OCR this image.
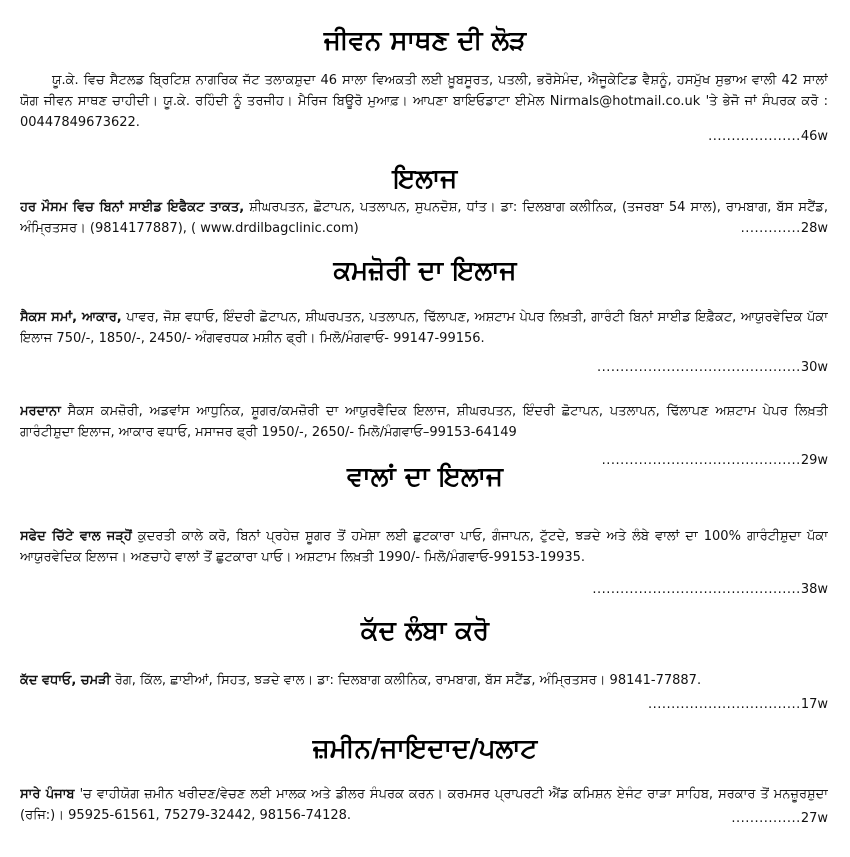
ਜੀਵਨ ਸਾਥਣ ਦੀ ਲੋੜ
ਯੂ.ਕੇ. ਵਿਚ ਸੈਟਲਡ ਬ੍ਰਿਟਿਸ਼ ਨਾਗਰਿਕ ਜੱਟ ਤਲਾਕਸ਼ੁਦਾ 46 ਸਾਲਾ ਵਿਅਕਤੀ ਲਈ ਖ਼ੂਬਸੂਰਤ, ਪਤਲੀ, ਭਰੋਸੇਮੰਦ, ਐਜੂਕੇਟਿਡ ਵੈਸ਼ਨੂੰ, ਹਸਮੁੱਖ ਸੁਭਾਅ ਵਾਲੀ 42 ਸਾਲਾਂ ਯੋਗ ਜੀਵਨ ਸਾਥਣ ਚਾਹੀਦੀ। ਯੂ.ਕੇ. ਰਹਿੰਦੀ ਨੂੰ ਤਰਜੀਹ। ਮੈਰਿਜ ਬਿਊਰੋ ਮੁਆਫ਼। ਆਪਣਾ ਬਾਇਓਡਾਟਾ ਈਮੇਲ Nirmals@hotmail.co.uk 'ਤੇ ਭੇਜੋ ਜਾਂ ਸੰਪਰਕ ਕਰੋ : 00447849673622.
....................46w
ਇਲਾਜ
ਹਰ ਮੌਸਮ ਵਿਚ ਬਿਨਾਂ ਸਾਈਡ ਇਫੈਕਟ ਤਾਕਤ, ਸ਼ੀਘਰਪਤਨ, ਛੋਟਾਪਨ, ਪਤਲਾਪਨ, ਸੁਪਨਦੋਸ਼, ਧਾਂਤ। ਡਾ: ਦਿਲਬਾਗ ਕਲੀਨਿਕ, (ਤਜਰਬਾ 54 ਸਾਲ), ਰਾਮਬਾਗ, ਬੱਸ ਸਟੈਂਡ, ਅੰਮ੍ਰਿਤਸਰ। (9814177887), ( www.drdilbagclinic.com)	.............28w
ਕਮਜ਼ੋਰੀ ਦਾ ਇਲਾਜ
ਸੈਕਸ ਸਮਾਂ, ਆਕਾਰ, ਪਾਵਰ, ਜੋਸ਼ ਵਧਾਓ, ਇੰਦਰੀ ਛੋਟਾਪਨ, ਸ਼ੀਘਰਪਤਨ, ਪਤਲਾਪਨ, ਢਿੱਲਾਪਣ, ਅਸ਼ਟਾਮ ਪੇਪਰ ਲਿਖ਼ਤੀ, ਗਾਰੰਟੀ ਬਿਨਾਂ ਸਾਈਡ ਇਫ਼ੈਕਟ, ਆਯੁਰਵੇਦਿਕ ਪੱਕਾ ਇਲਾਜ 750/-, 1850/-, 2450/- ਅੰਗਵਰਧਕ ਮਸ਼ੀਨ ਫ੍ਰੀ। ਮਿਲੋ/ਮੰਗਵਾਓ- 99147-99156.
............................................30w
ਮਰਦਾਨਾ ਸੈਕਸ ਕਮਜ਼ੋਰੀ, ਅਡਵਾਂਸ ਆਧੁਨਿਕ, ਸ਼ੂਗਰ/ਕਮਜ਼ੋਰੀ ਦਾ ਆਯੁਰਵੈਦਿਕ ਇਲਾਜ, ਸ਼ੀਘਰਪਤਨ, ਇੰਦਰੀ ਛੋਟਾਪਨ, ਪਤਲਾਪਨ, ਢਿੱਲਾਪਣ ਅਸ਼ਟਾਮ ਪੇਪਰ ਲਿਖ਼ਤੀ ਗਾਰੰਟੀਸ਼ੁਦਾ ਇਲਾਜ, ਆਕਾਰ ਵਧਾਓ, ਮਸਾਜਰ ਫ੍ਰੀ 1950/-, 2650/- ਮਿਲੋ/ਮੰਗਵਾਓ–99153-64149
...........................................29w
ਵਾਲਾਂ ਦਾ ਇਲਾਜ
ਸਫੇਦ ਚਿੱਟੇ ਵਾਲ ਜੜ੍ਹੋਂ ਕੁਦਰਤੀ ਕਾਲੇ ਕਰੋ, ਬਿਨਾਂ ਪ੍ਰਹੇਜ਼ ਸ਼ੂਗਰ ਤੋਂ ਹਮੇਸ਼ਾ ਲਈ ਛੁਟਕਾਰਾ ਪਾਓ, ਗੰਜਾਪਨ, ਟੁੱਟਦੇ, ਝੜਦੇ ਅਤੇ ਲੰਬੇ ਵਾਲਾਂ ਦਾ 100% ਗਾਰੰਟੀਸ਼ੁਦਾ ਪੱਕਾ ਆਯੁਰਵੇਦਿਕ ਇਲਾਜ। ਅਣਚਾਹੇ ਵਾਲਾਂ ਤੋਂ ਛੁਟਕਾਰਾ ਪਾਓ। ਅਸ਼ਟਾਮ ਲਿਖ਼ਤੀ 1990/- ਮਿਲੋ/ਮੰਗਵਾਓ-99153-19935.
.............................................38w
ਕੱਦ ਲੰਬਾ ਕਰੋ
ਕੱਦ ਵਧਾਓ, ਚਮੜੀ ਰੋਗ, ਕਿੱਲ, ਛਾਈਆਂ, ਸਿਹਤ, ਝੜਦੇ ਵਾਲ। ਡਾ: ਦਿਲਬਾਗ ਕਲੀਨਿਕ, ਰਾਮਬਾਗ, ਬੱਸ ਸਟੈਂਡ, ਅੰਮ੍ਰਿਤਸਰ। 98141-77887.
.................................17w
ਜ਼ਮੀਨ/ਜਾਇਦਾਦ/ਪਲਾਟ
ਸਾਰੇ ਪੰਜਾਬ 'ਚ ਵਾਹੀਯੋਗ ਜ਼ਮੀਨ ਖਰੀਦਣ/ਵੇਚਣ ਲਈ ਮਾਲਕ ਅਤੇ ਡੀਲਰ ਸੰਪਰਕ ਕਰਨ। ਕਰਮਸਰ ਪ੍ਰਾਪਰਟੀ ਐਂਡ ਕਮਿਸ਼ਨ ਏਜੰਟ ਰਾੜਾ ਸਾਹਿਬ, ਸਰਕਾਰ ਤੋਂ ਮਨਜ਼ੂਰਸ਼ੁਦਾ (ਰਜਿ:)। 95925-61561, 75279-32442, 98156-74128.	...............27w
